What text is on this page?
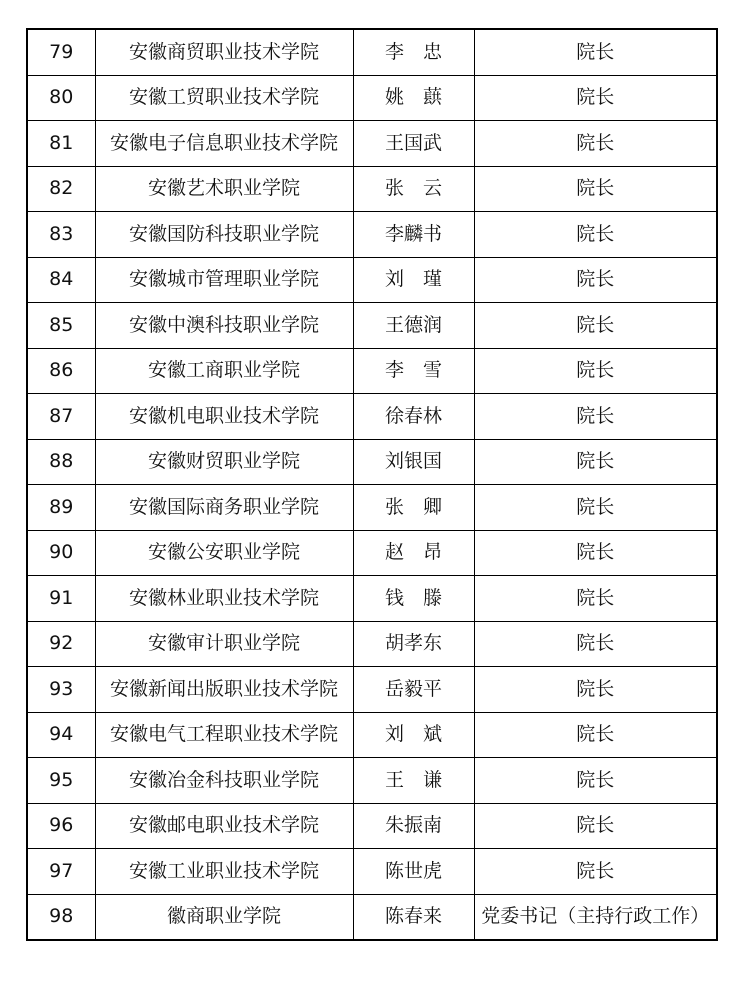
79	安徽商贸职业技术学院	李　忠	院长
80	安徽工贸职业技术学院	姚　蕻	院长
81	安徽电子信息职业技术学院	王国武	院长
82	安徽艺术职业学院	张　云	院长
83	安徽国防科技职业学院	李麟书	院长
84	安徽城市管理职业学院	刘　瑾	院长
85	安徽中澳科技职业学院	王德润	院长
86	安徽工商职业学院	李　雪	院长
87	安徽机电职业技术学院	徐春林	院长
88	安徽财贸职业学院	刘银国	院长
89	安徽国际商务职业学院	张　卿	院长
90	安徽公安职业学院	赵　昂	院长
91	安徽林业职业技术学院	钱　滕	院长
92	安徽审计职业学院	胡孝东	院长
93	安徽新闻出版职业技术学院	岳毅平	院长
94	安徽电气工程职业技术学院	刘　斌	院长
95	安徽冶金科技职业学院	王　谦	院长
96	安徽邮电职业技术学院	朱振南	院长
97	安徽工业职业技术学院	陈世虎	院长
98	徽商职业学院	陈春来	党委书记（主持行政工作）
